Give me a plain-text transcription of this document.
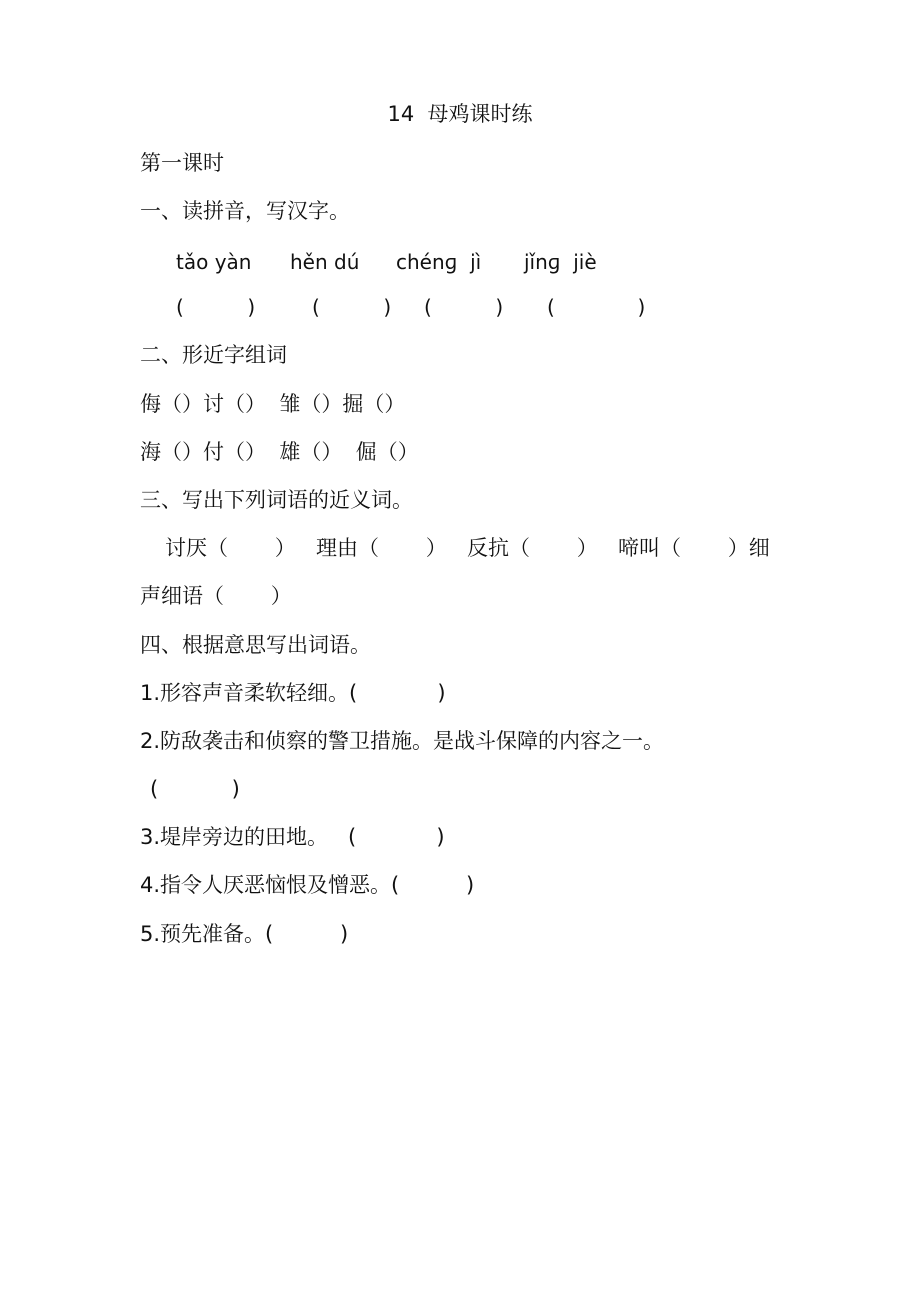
14  母鸡课时练
第一课时
一、读拼音，写汉字。
tǎo yàn hěn dú chénɡ  jì jǐnɡ  jiè
(          )	(          ) (          ) (             )
二、形近字组词
侮（）讨（）  雏（）掘（）
海（）付（）  雄（）  倔（）
三、写出下列词语的近义词。
讨厌（       ） 理由（       ） 反抗（       ） 啼叫（       ）细
声细语（       ）
四、根据意思写出词语。
1.形容声音柔软轻细。(            )
2.防敌袭击和侦察的警卫措施。是战斗保障的内容之一。
(           )
3.堤岸旁边的田地。   (            )
4.指令人厌恶恼恨及憎恶。(          )
5.预先准备。(          )
